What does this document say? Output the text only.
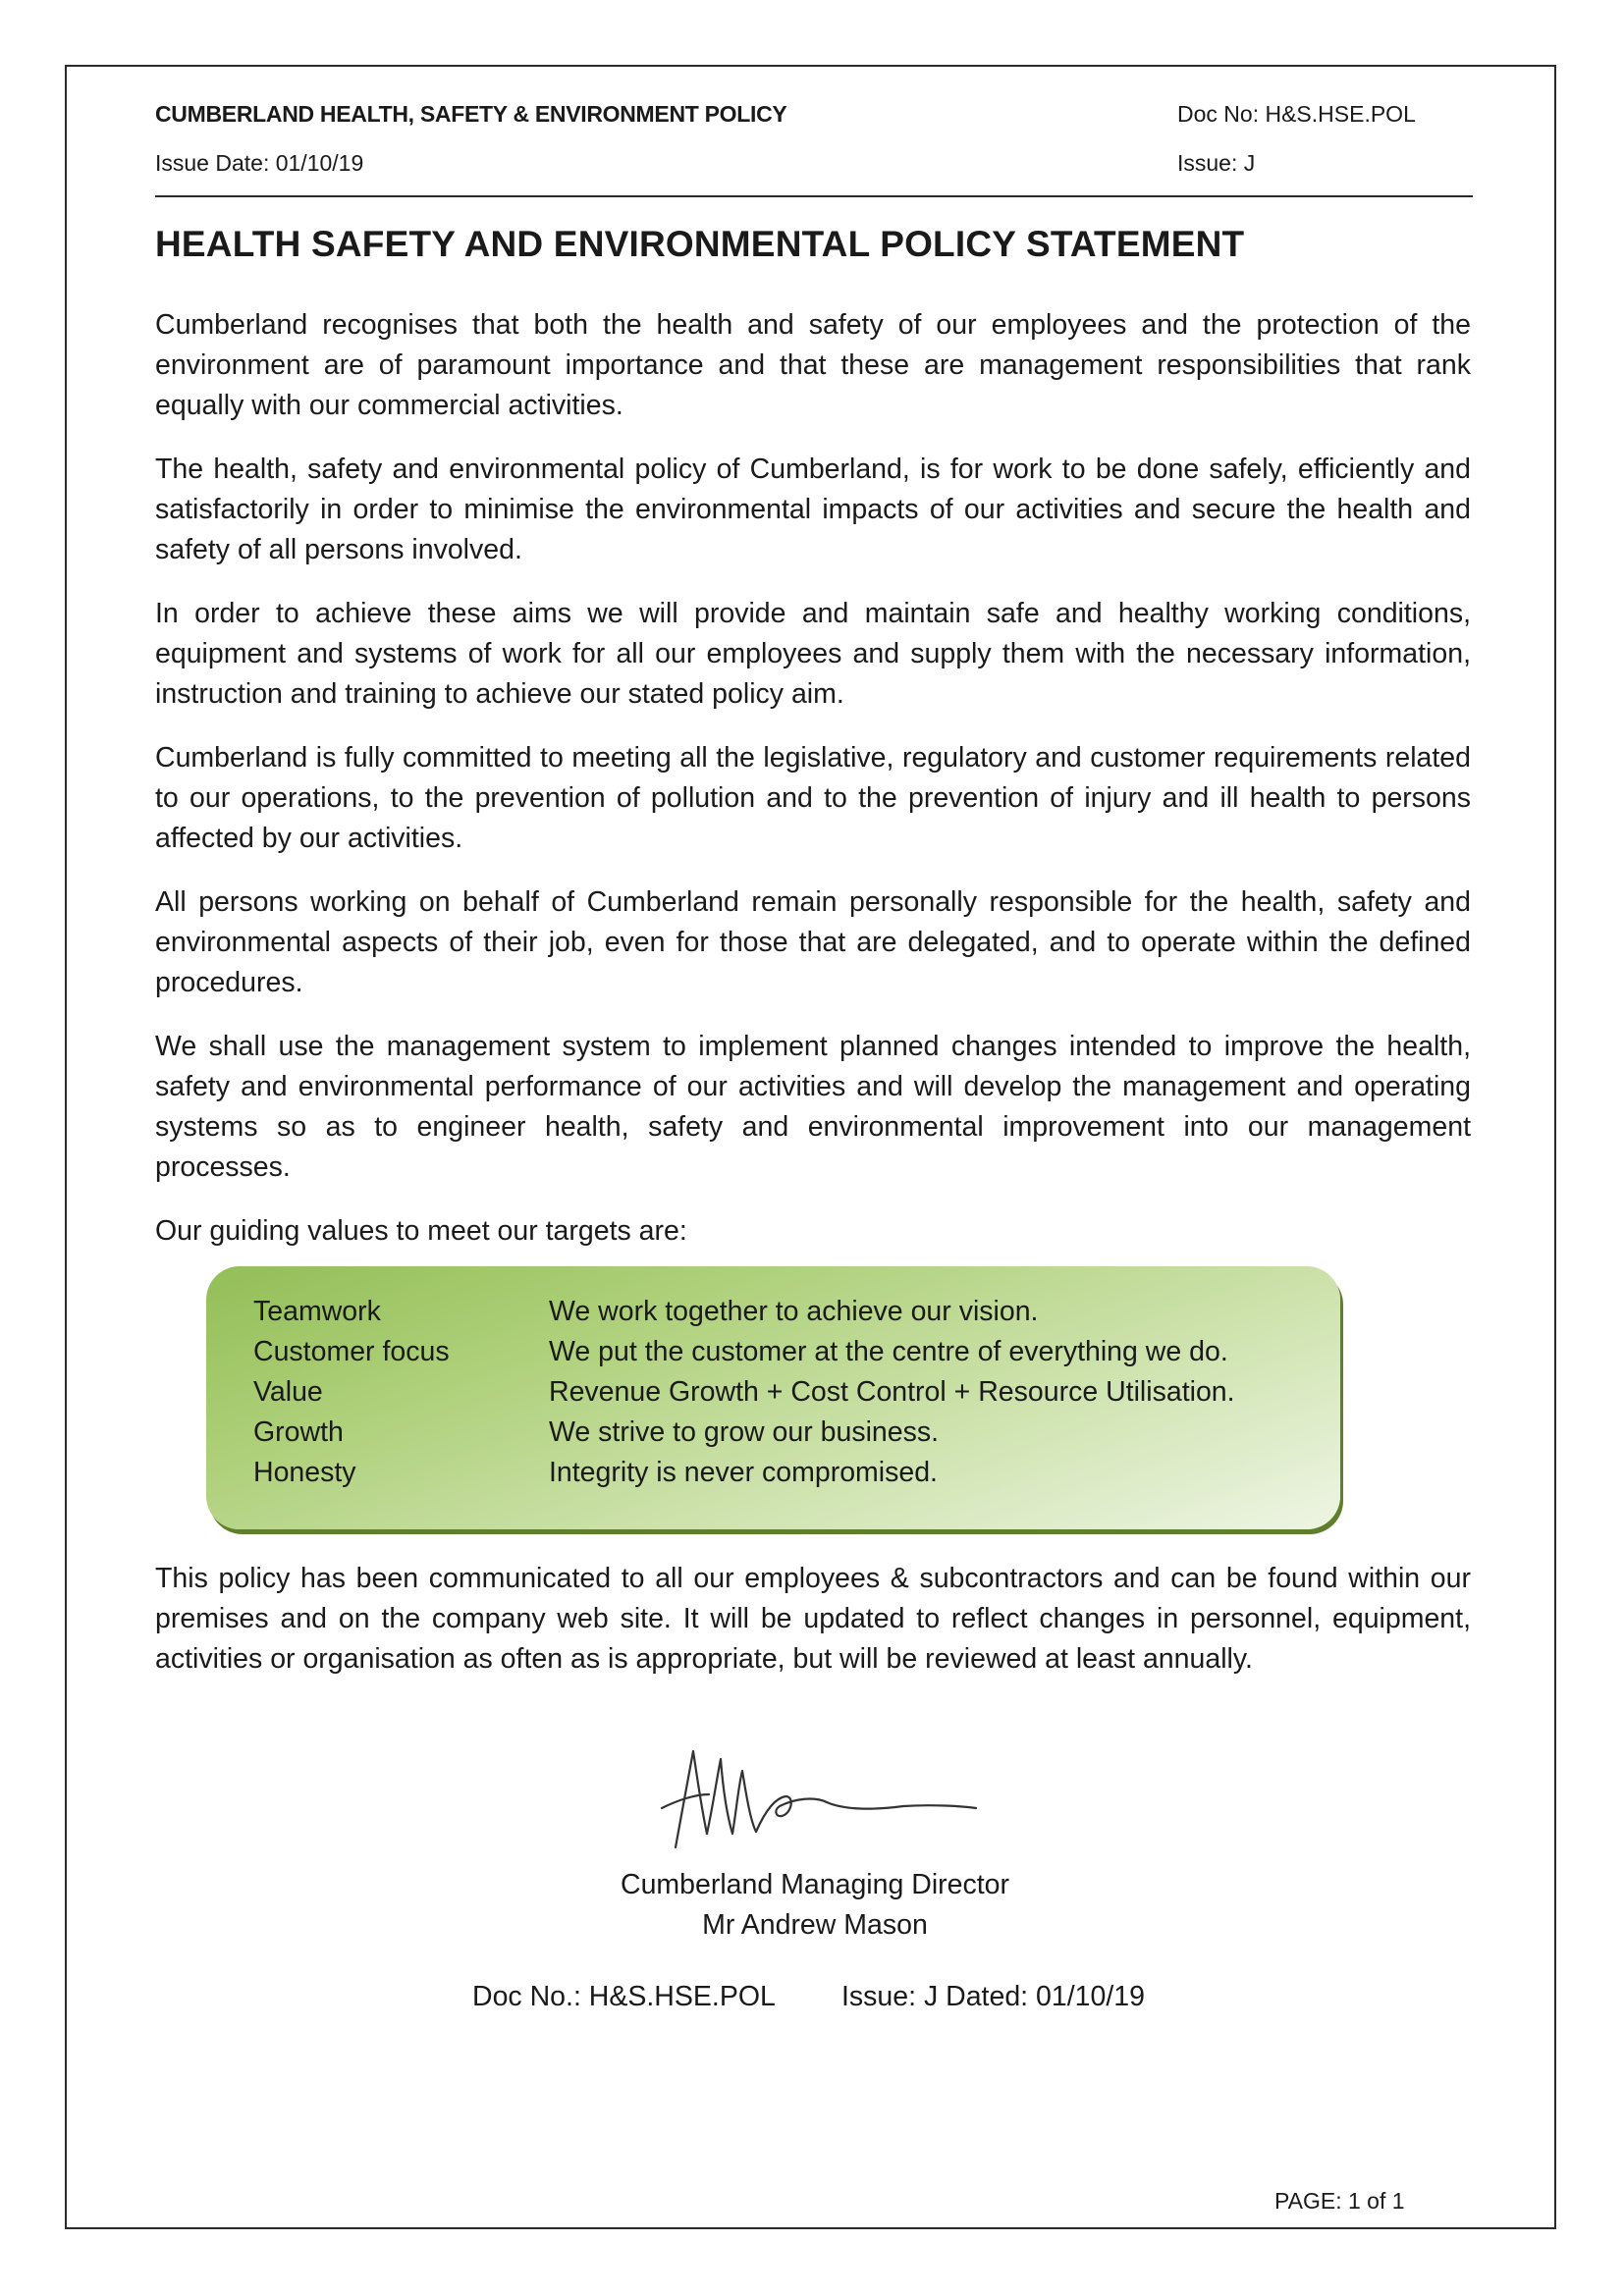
CUMBERLAND HEALTH, SAFETY & ENVIRONMENT POLICY	Doc No: H&S.HSE.POL
Issue Date: 01/10/19	Issue: J
HEALTH SAFETY AND ENVIRONMENTAL POLICY STATEMENT

Cumberland recognises that both the health and safety of our employees and the protection of the environment are of paramount importance and that these are management responsibilities that rank equally with our commercial activities.

The health, safety and environmental policy of Cumberland, is for work to be done safely, efficiently and satisfactorily in order to minimise the environmental impacts of our activities and secure the health and safety of all persons involved.

In order to achieve these aims we will provide and maintain safe and healthy working conditions, equipment and systems of work for all our employees and supply them with the necessary information, instruction and training to achieve our stated policy aim.

Cumberland is fully committed to meeting all the legislative, regulatory and customer requirements related to our operations, to the prevention of pollution and to the prevention of injury and ill health to persons affected by our activities.

All persons working on behalf of Cumberland remain personally responsible for the health, safety and environmental aspects of their job, even for those that are delegated, and to operate within the defined procedures.

We shall use the management system to implement planned changes intended to improve the health, safety and environmental performance of our activities and will develop the management and operating systems so as to engineer health, safety and environmental improvement into our management processes.

Our guiding values to meet our targets are:

Teamwork	We work together to achieve our vision.
Customer focus	We put the customer at the centre of everything we do.
Value	Revenue Growth + Cost Control + Resource Utilisation.
Growth	We strive to grow our business.
Honesty	Integrity is never compromised.

This policy has been communicated to all our employees & subcontractors and can be found within our premises and on the company web site. It will be updated to reflect changes in personnel, equipment, activities or organisation as often as is appropriate, but will be reviewed at least annually.

Cumberland Managing Director
Mr Andrew Mason
Doc No.: H&S.HSE.POL Issue: J Dated: 01/10/19
PAGE: 1 of 1
